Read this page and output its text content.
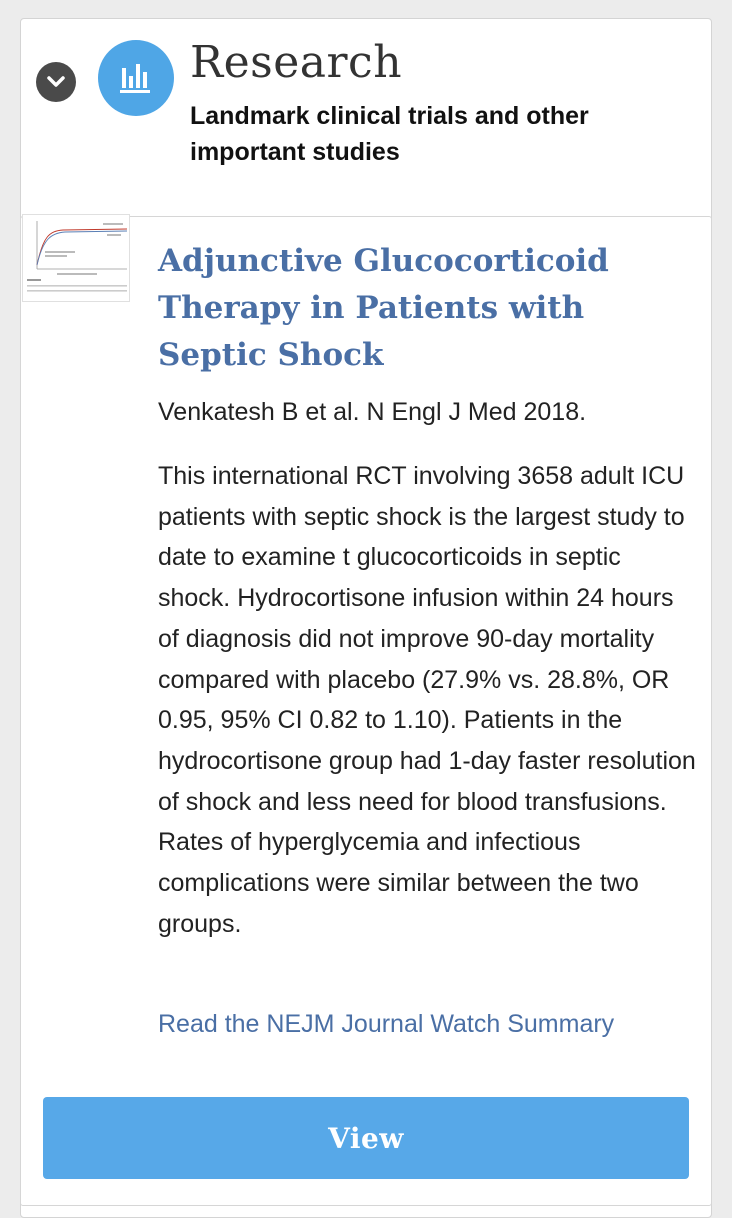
Research
Landmark clinical trials and other important studies
Adjunctive Glucocorticoid Therapy in Patients with Septic Shock
Venkatesh B et al. N Engl J Med 2018.
This international RCT involving 3658 adult ICU patients with septic shock is the largest study to date to examine t glucocorticoids in septic shock. Hydrocortisone infusion within 24 hours of diagnosis did not improve 90-day mortality compared with placebo (27.9% vs. 28.8%, OR 0.95, 95% CI 0.82 to 1.10). Patients in the hydrocortisone group had 1-day faster resolution of shock and less need for blood transfusions. Rates of hyperglycemia and infectious complications were similar between the two groups.
Read the NEJM Journal Watch Summary
View
